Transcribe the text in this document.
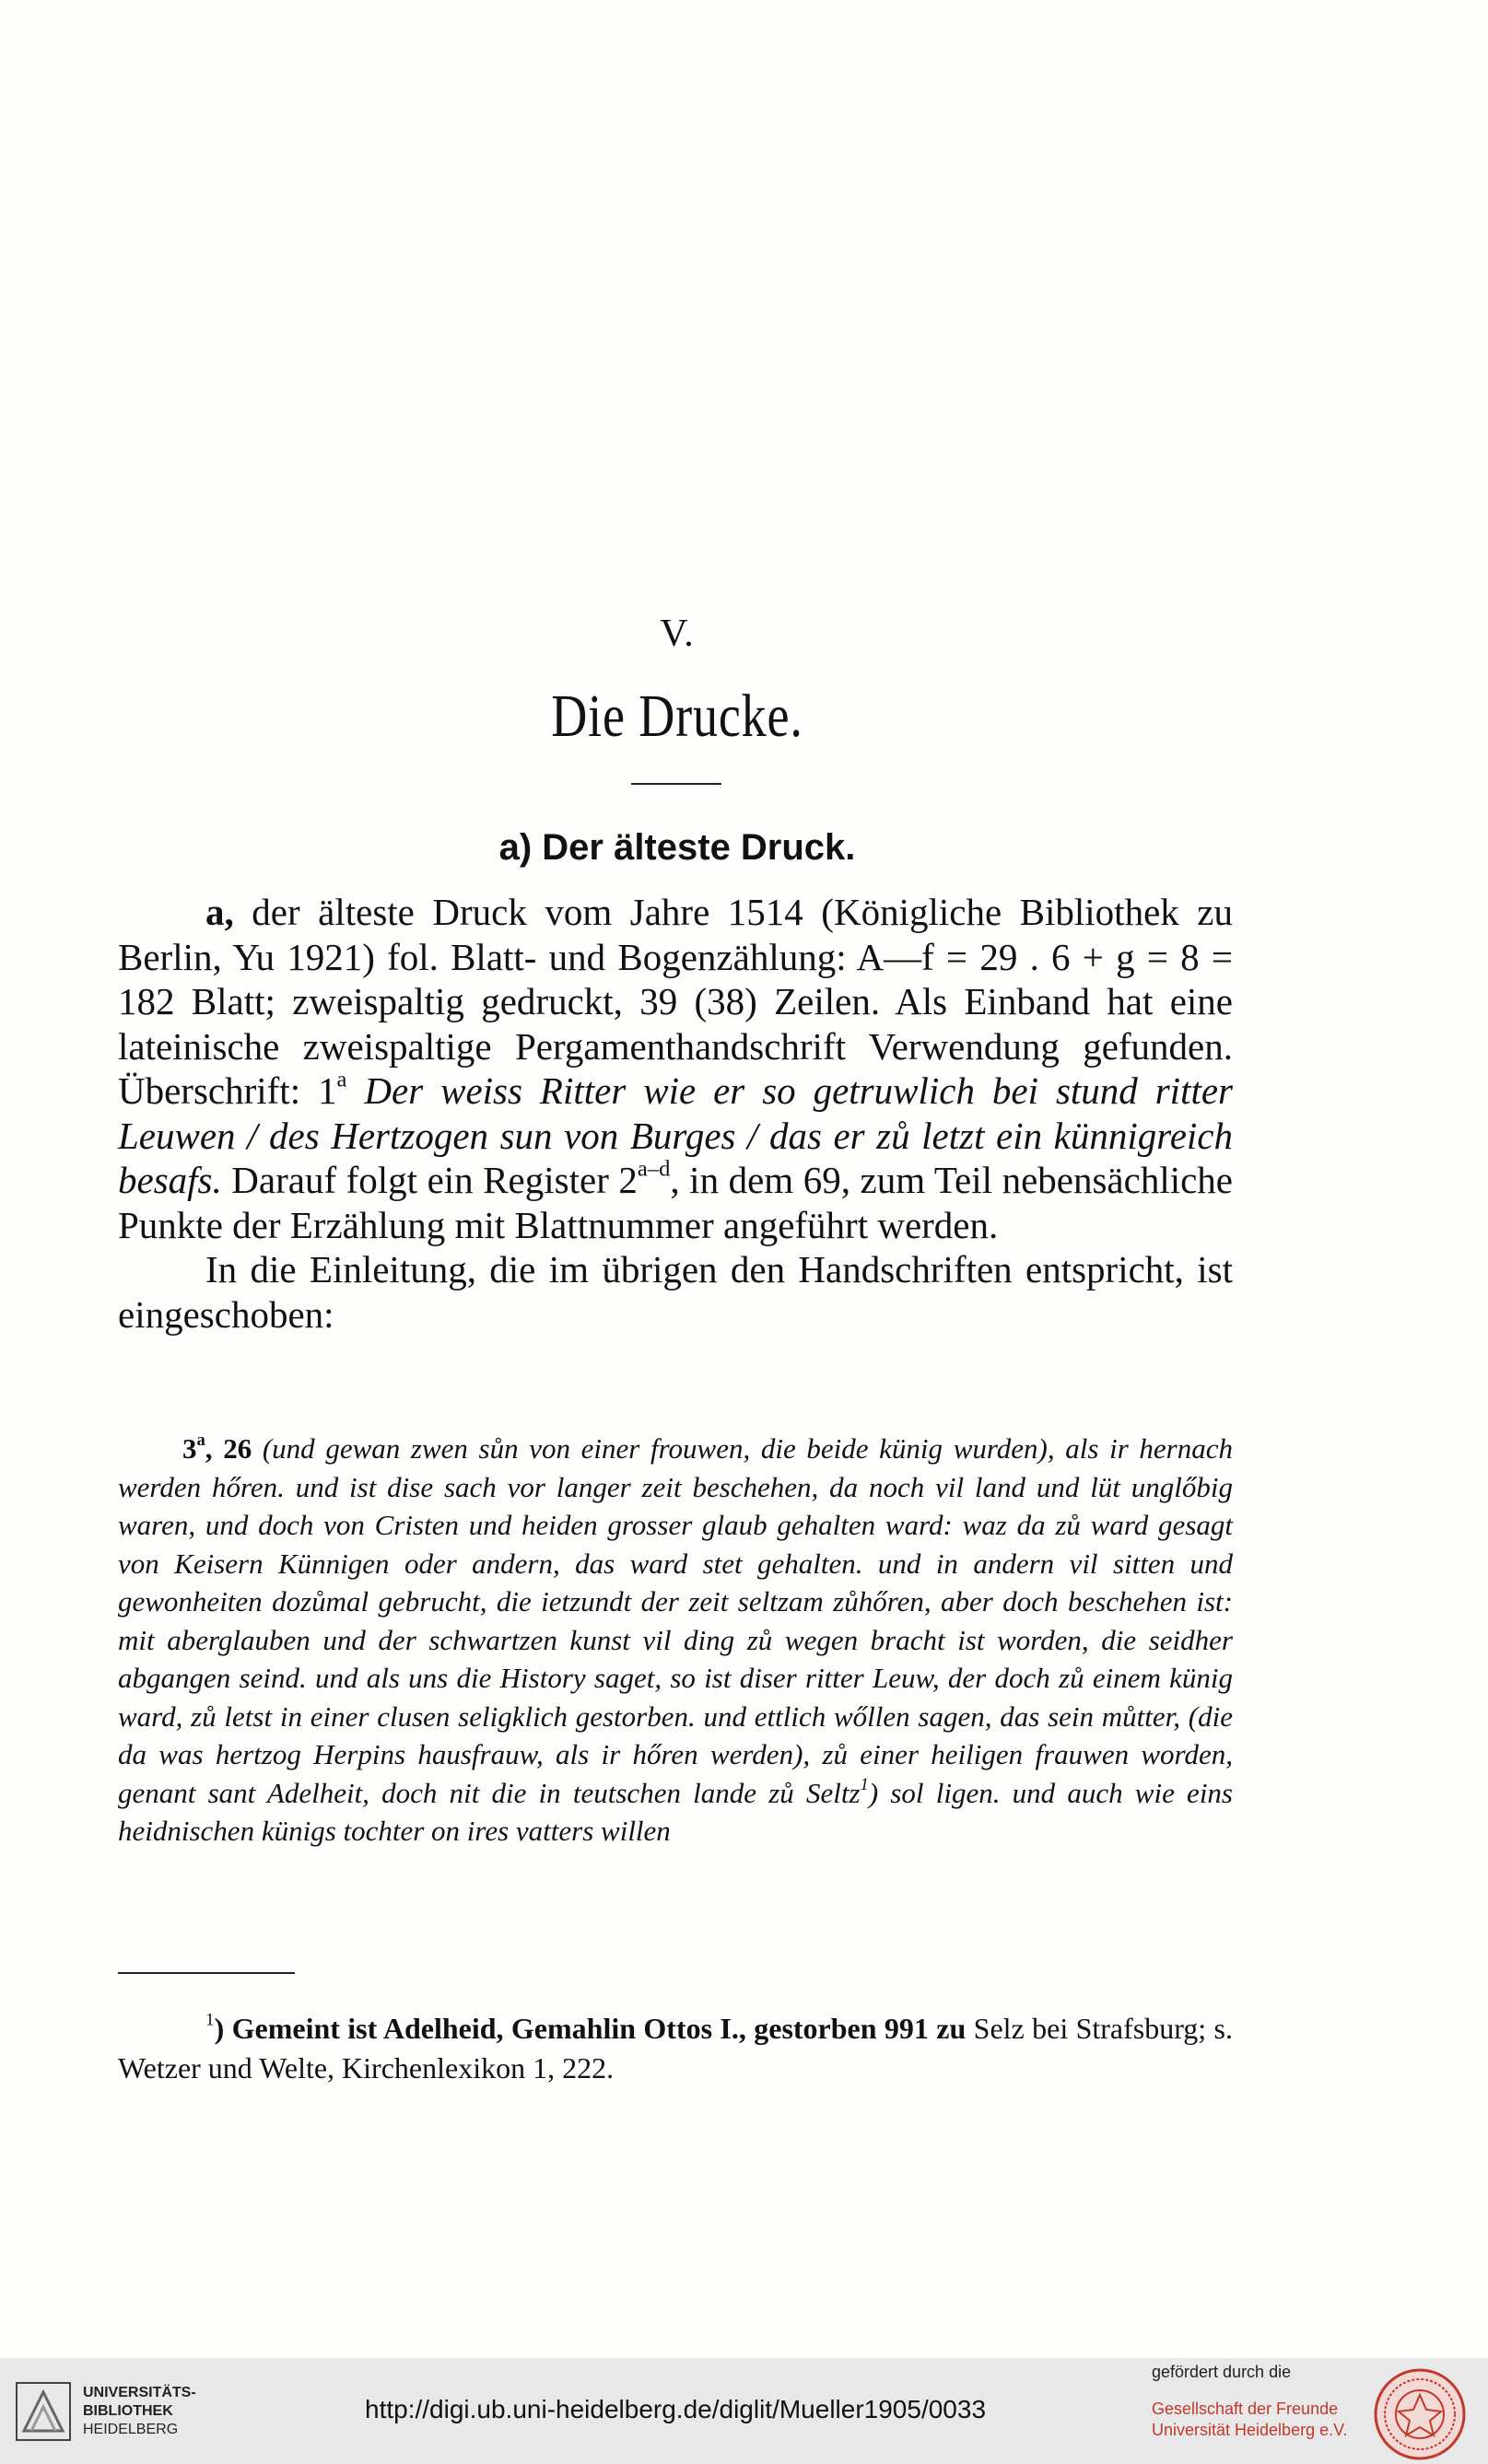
V.
Die Drucke.
a) Der älteste Druck.

a, der älteste Druck vom Jahre 1514 (Königliche Bibliothek zu Berlin, Yu 1921) fol. Blatt- und Bogenzählung: A—f = 29 . 6 + g = 8 = 182 Blatt; zweispaltig gedruckt, 39 (38) Zeilen. Als Einband hat eine lateinische zweispaltige Pergamenthandschrift Verwendung gefunden. Überschrift: 1$^a$ Der weiss Ritter wie er so getruwlich bei stund ritter Leuwen / des Hertzogen sun von Burges / das er zů letzt ein künnigreich besafs. Darauf folgt ein Register 2$^{a-d}$, in dem 69, zum Teil nebensächliche Punkte der Erzählung mit Blattnummer angeführt werden.

In die Einleitung, die im übrigen den Handschriften entspricht, ist eingeschoben:

3$^a$, 26 (und gewan zwen sůn von einer frouwen, die beide künig wurden), als ir hernach werden hőren. und ist dise sach vor langer zeit beschehen, da noch vil land und lüt unglőbig waren, und doch von Cristen und heiden grosser glaub gehalten ward: waz da zů ward gesagt von Keisern Künnigen oder andern, das ward stet gehalten. und in andern vil sitten und gewonheiten dozůmal gebrucht, die ietzundt der zeit seltzam zůhőren, aber doch beschehen ist: mit aberglauben und der schwartzen kunst vil ding zů wegen bracht ist worden, die seidher abgangen seind. und als uns die History saget, so ist diser ritter Leuw, der doch zů einem künig ward, zů letst in einer clusen seligklich gestorben. und ettlich wőllen sagen, das sein můtter, (die da was hertzog Herpins hausfrauw, als ir hőren werden), zů einer heiligen frauwen worden, genant sant Adelheit, doch nit die in teutschen lande zů Seltz$^1$) sol ligen. und auch wie eins heidnischen künigs tochter on ires vatters willen

$^1$) Gemeint ist Adelheid, Gemahlin Ottos I., gestorben 991 zu Selz bei Strafsburg; s. Wetzer und Welte, Kirchenlexikon 1, 222.

UNIVERSITÄTS-
BIBLIOTHEK
HEIDELBERG
http://digi.ub.uni-heidelberg.de/diglit/Mueller1905/0033
gefördert durch die
Gesellschaft der Freunde
Universität Heidelberg e.V.
